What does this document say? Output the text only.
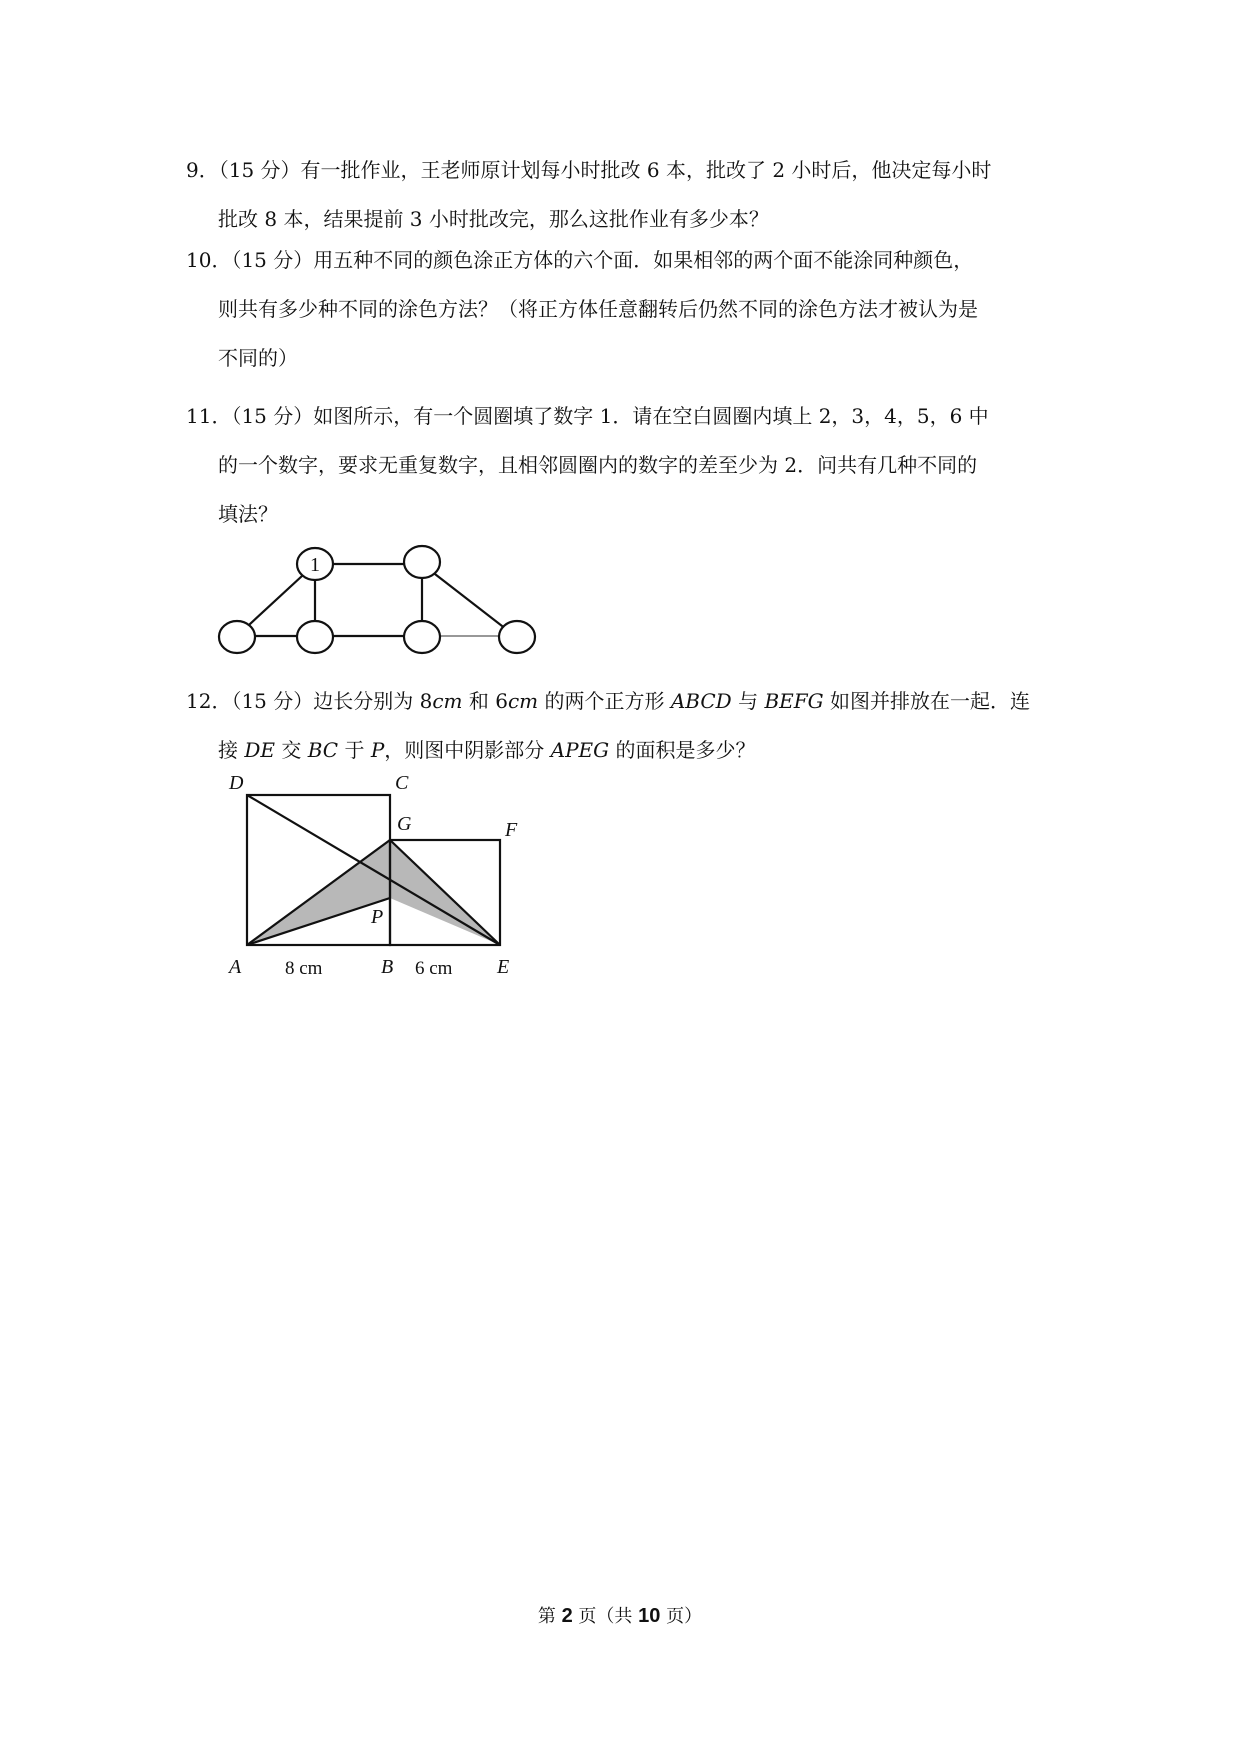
9．（15 分）有一批作业，王老师原计划每小时批改 6 本，批改了 2 小时后，他决定每小时
批改 8 本，结果提前 3 小时批改完，那么这批作业有多少本？
10．（15 分）用五种不同的颜色涂正方体的六个面．如果相邻的两个面不能涂同种颜色，
则共有多少种不同的涂色方法？（将正方体任意翻转后仍然不同的涂色方法才被认为是
不同的）
11．（15 分）如图所示，有一个圆圈填了数字 1．请在空白圆圈内填上 2，3，4，5，6 中
的一个数字，要求无重复数字，且相邻圆圈内的数字的差至少为 2．问共有几种不同的
填法？
1
12．（15 分）边长分别为 8cm 和 6cm 的两个正方形 ABCD 与 BEFG 如图并排放在一起．连
接 DE 交 BC 于 P，则图中阴影部分 APEG 的面积是多少？
D	C
G	F
P
A	B	E
8 cm	6 cm
第 2 页（共 10 页）
